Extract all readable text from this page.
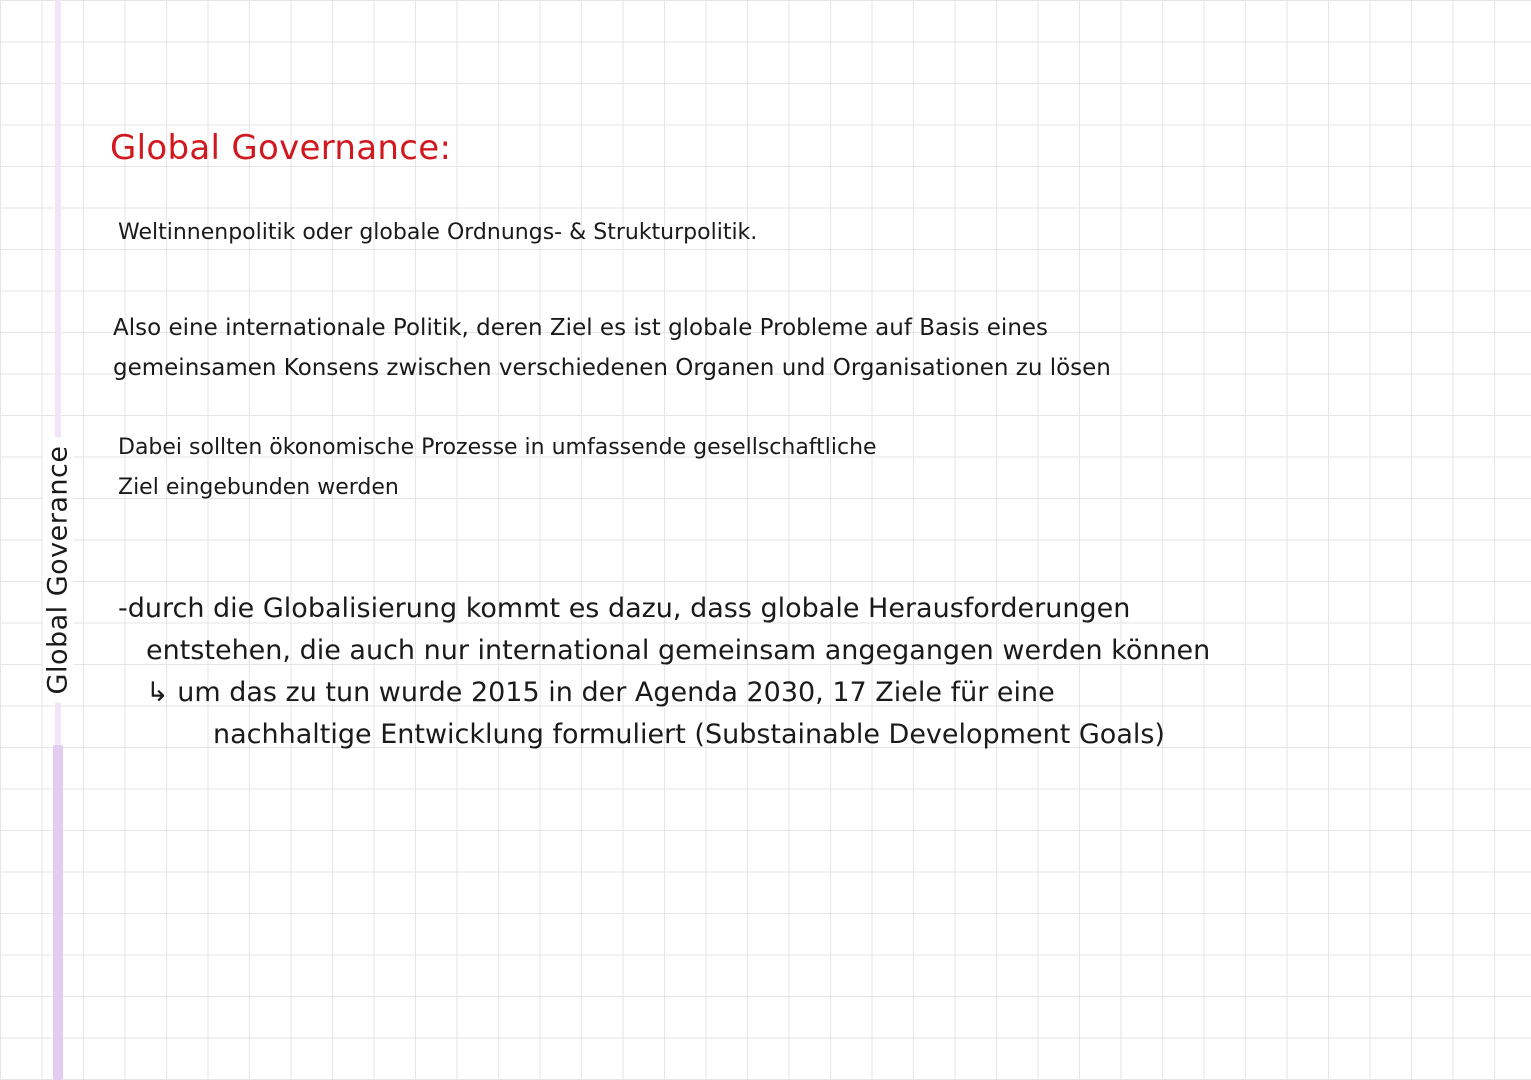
Global Goverance
Global Governance:
Weltinnenpolitik oder globale Ordnungs- & Strukturpolitik.
Also eine internationale Politik, deren Ziel es ist globale Probleme auf Basis eines
gemeinsamen Konsens zwischen verschiedenen Organen und Organisationen zu lösen
Dabei sollten ökonomische Prozesse in umfassende gesellschaftliche
Ziel eingebunden werden
-durch die Globalisierung kommt es dazu, dass globale Herausforderungen
entstehen, die auch nur international gemeinsam angegangen werden können
↳ um das zu tun wurde 2015 in der Agenda 2030, 17 Ziele für eine
nachhaltige Entwicklung formuliert (Substainable Development Goals)
